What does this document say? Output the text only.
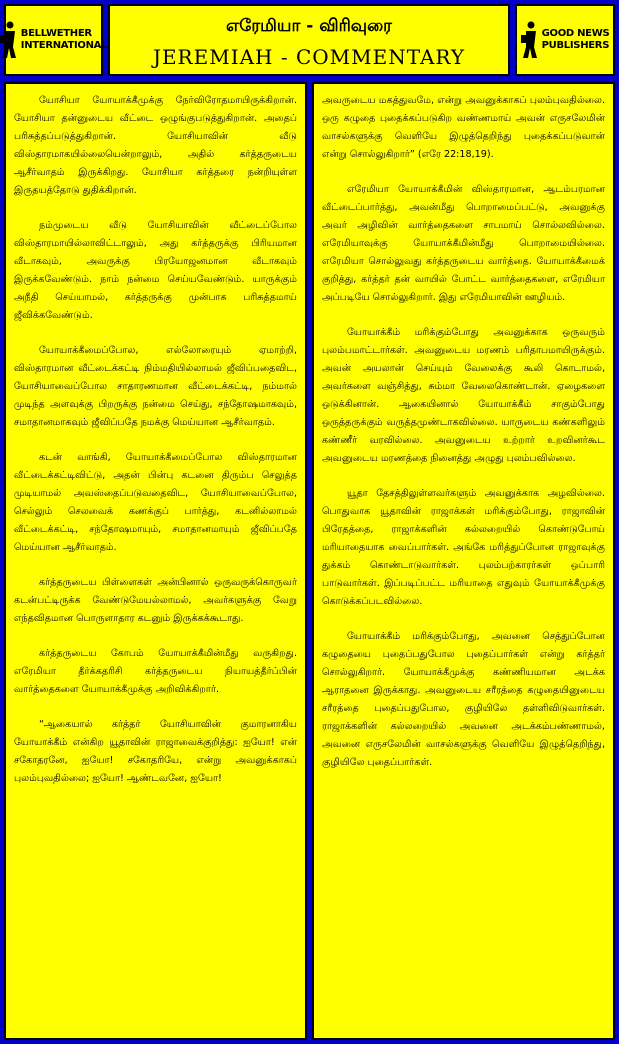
BELLWETHER
INTERNATIONAL
எரேமியா - விரிவுரை
JEREMIAH - COMMENTARY
GOOD NEWS
PUBLISHERS

யோசியா யோயாக்கீமுக்கு நேர்விரோதமாயிருக்கிறான். யோசியா தன்னுடைய வீட்டை ஒழுங்குபடுத்துகிறான். அதைப் பரிசுத்தப்படுத்துகிறான். யோசியாவின் வீடு விஸ்தாரமாகயில்லையென்றாலும், அதில் கர்த்தருடைய ஆசீர்வாதம் இருக்கிறது. யோசியா கர்த்தரை நன்றியுள்ள இருதயத்தோடு துதிக்கிறான்.

நம்முடைய வீடு யோசியாவின் வீட்டைப்போல விஸ்தாரமாயில்லாவிட்டாலும், அது கர்த்தருக்கு பிரியமான வீடாகவும், அவருக்கு பிரயோஜனமான வீடாகவும் இருக்கவேண்டும். நாம் நன்மை செய்யவேண்டும். யாருக்கும் அநீதி செய்யாமல், கர்த்தருக்கு முன்பாக பரிசுத்தமாய் ஜீவிக்கவேண்டும்.

யோயாக்கீமைப்போல, எல்லோரையும் ஏமாற்றி, விஸ்தாரமான வீட்டைக்கட்டி நிம்மதியில்லாமல் ஜீவிப்பதைவிட, யோசியாவைப்போல சாதாரணமான வீட்டைக்கட்டி, நம்மால் முடிந்த அளவுக்கு பிறருக்கு நன்மை செய்து, சந்தோஷமாகவும், சமாதானமாகவும் ஜீவிப்பதே நமக்கு மெய்யான ஆசீர்வாதம்.

கடன் வாங்கி, யோயாக்கீமைப்போல விஸ்தாரமான வீட்டைக்கட்டிவிட்டு, அதன் பின்பு கடனை திரும்ப செலுத்த முடியாமல் அவஸ்தைப்படுவதைவிட, யோசியாவைப்போல, செல்லும் செலவைக் கணக்குப் பார்த்து, கடனில்லாமல் வீட்டைக்கட்டி, சந்தோஷமாயும், சமாதானமாயும் ஜீவிப்பதே மெய்யான ஆசீர்வாதம்.

கர்த்தருடைய பிள்ளைகள் அன்பினால் ஒருவருக்கொருவர் கடன்பட்டிருக்க வேண்டுமேயல்லாமல், அவர்களுக்கு வேறு எந்தவிதமான பொருளாதார கடனும் இருக்கக்கூடாது.

கர்த்தருடைய கோபம் யோயாக்கீமின்மீது வருகிறது. எரேமியா தீர்க்கதரிசி கர்த்தருடைய நியாயத்தீர்ப்பின் வார்த்தைகளை யோயாக்கீமுக்கு அறிவிக்கிறார்.

“ஆகையால் கர்த்தர் யோசியாவின் குமாரனாகிய யோயாக்கீம் என்கிற யூதாவின் ராஜாவைக்குறித்து: ஐயோ! என் சகோதரனே, ஐயோ! சகோதரியே, என்று அவனுக்காகப் புலம்புவதில்லை; ஐயோ! ஆண்டவனே, ஐயோ!

அவருடைய மகத்துவமே, என்று அவனுக்காகப் புலம்புவதில்லை. ஒரு கழுதை புதைக்கப்படுகிற வண்ணமாய் அவன் எருசலேமின் வாசல்களுக்கு வெளியே இழுத்தெறிந்து புதைக்கப்படுவான் என்று சொல்லுகிறார்” (எரே 22:18,19).

எரேமியா யோயாக்கீமின் விஸ்தாரமான, ஆடம்பரமான வீட்டைப்பார்த்து, அவன்மீது பொறாமைப்பட்டு, அவனுக்கு அவர் அழிவின் வார்த்தைகளை சாபமாய் சொல்லவில்லை. எரேமியாவுக்கு யோயாக்கீமின்மீது பொறாமையில்லை. எரேமியா சொல்லுவது கர்த்தருடைய வார்த்தை. யோயாக்கீமைக் குறித்து, கர்த்தர் தன் வாயில் போட்ட வார்த்தைகளை, எரேமியா அப்படியே சொல்லுகிறார். இது எரேமியாவின் ஊழியம்.

யோயாக்கீம் மரிக்கும்போது அவனுக்காக ஒருவரும் புலம்பமாட்டார்கள். அவனுடைய மரணம் பரிதாபமாயிருக்கும். அவன் அயலான் செய்யும் வேலைக்கு கூலி கொடாமல், அவர்களை வஞ்சித்து, சும்மா வேலைகொண்டான். ஏழைகளை ஒடுக்கினான். ஆகையினால் யோயாக்கீம் சாகும்போது ஒருத்தருக்கும் வருத்தமுண்டாகவில்லை. யாருடைய கண்களிலும் கண்ணீர் வரவில்லை. அவனுடைய உற்றார் உறவினர்கூட அவனுடைய மரணத்தை நினைத்து அழுது புலம்பவில்லை.

யூதா தேசத்திலுள்ளவர்களும் அவனுக்காக அழவில்லை. பொதுவாக யூதாவின் ராஜாக்கள் மரிக்கும்போது, ராஜாவின் பிரேதத்தை, ராஜாக்களின் கல்லறையில் கொண்டுபோய் மரியாதையாக வைப்பார்கள். அங்கே மரித்துப்போன ராஜாவுக்கு துக்கம் கொண்டாடுவார்கள். புலம்பற்காரர்கள் ஒப்பாரி பாடுவார்கள். இப்படிப்பட்ட மரியாதை எதுவும் யோயாக்கீமுக்கு கொடுக்கப்படவில்லை.

யோயாக்கீம் மரிக்கும்போது, அவனை செத்துப்போன கழுதையை புதைப்பதுபோல புதைப்பார்கள் என்று கர்த்தர் சொல்லுகிறார். யோயாக்கீமுக்கு கண்ணியமான அடக்க ஆராதனை இருக்காது. அவனுடைய சரீரத்தை கழுதையினுடைய சரீரத்தை புதைப்பதுபோல, குழியிலே தள்ளிவிடுவார்கள். ராஜாக்களின் கல்லறையில் அவனை அடக்கம்பண்ணாமல், அவனை எருசலேமின் வாசல்களுக்கு வெளியே இழுத்தெறிந்து, குழியிலே புதைப்பார்கள்.
